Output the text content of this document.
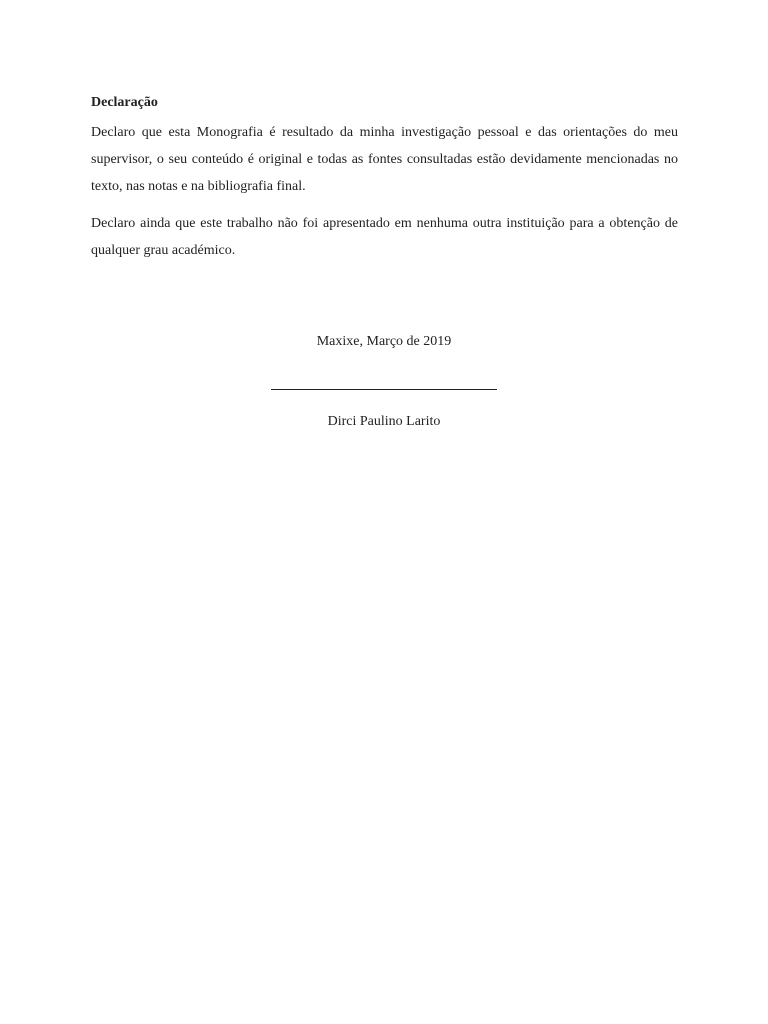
Declaração

Declaro que esta Monografia é resultado da minha investigação pessoal e das orientações do meu supervisor, o seu conteúdo é original e todas as fontes consultadas estão devidamente mencionadas no texto, nas notas e na bibliografia final.

Declaro ainda que este trabalho não foi apresentado em nenhuma outra instituição para a obtenção de qualquer grau académico.

Maxixe, Março de 2019
Dirci Paulino Larito
